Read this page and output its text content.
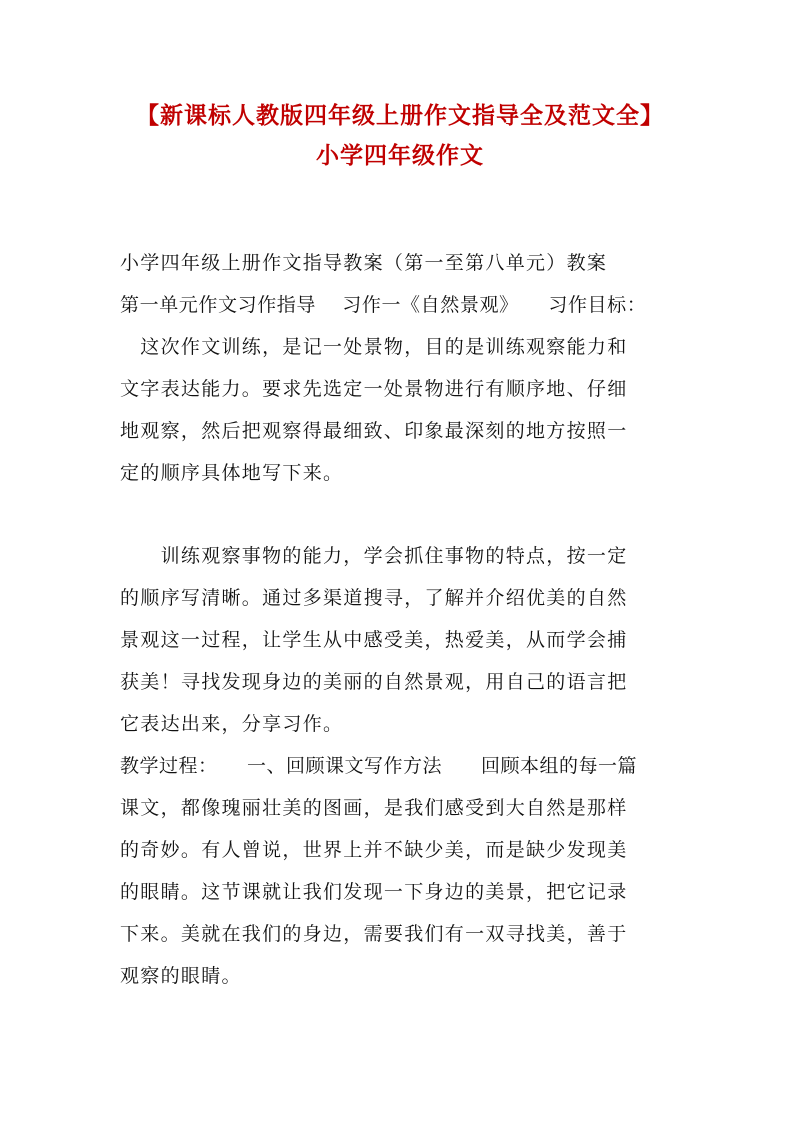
【新课标人教版四年级上册作文指导全及范文全】
小学四年级作文
小学四年级上册作文指导教案（第一至第八单元）教案
第一单元作文习作指导　 习作一《自然景观》　　习作目标：
　这次作文训练，是记一处景物，目的是训练观察能力和
文字表达能力。要求先选定一处景物进行有顺序地、仔细
地观察，然后把观察得最细致、印象最深刻的地方按照一
定的顺序具体地写下来。
　　训练观察事物的能力，学会抓住事物的特点，按一定
的顺序写清晰。通过多渠道搜寻，了解并介绍优美的自然
景观这一过程，让学生从中感受美，热爱美，从而学会捕
获美！寻找发现身边的美丽的自然景观，用自己的语言把
它表达出来，分享习作。
教学过程：　　一、回顾课文写作方法　　回顾本组的每一篇
课文，都像瑰丽壮美的图画，是我们感受到大自然是那样
的奇妙。有人曾说，世界上并不缺少美，而是缺少发现美
的眼睛。这节课就让我们发现一下身边的美景，把它记录
下来。美就在我们的身边，需要我们有一双寻找美，善于
观察的眼睛。
